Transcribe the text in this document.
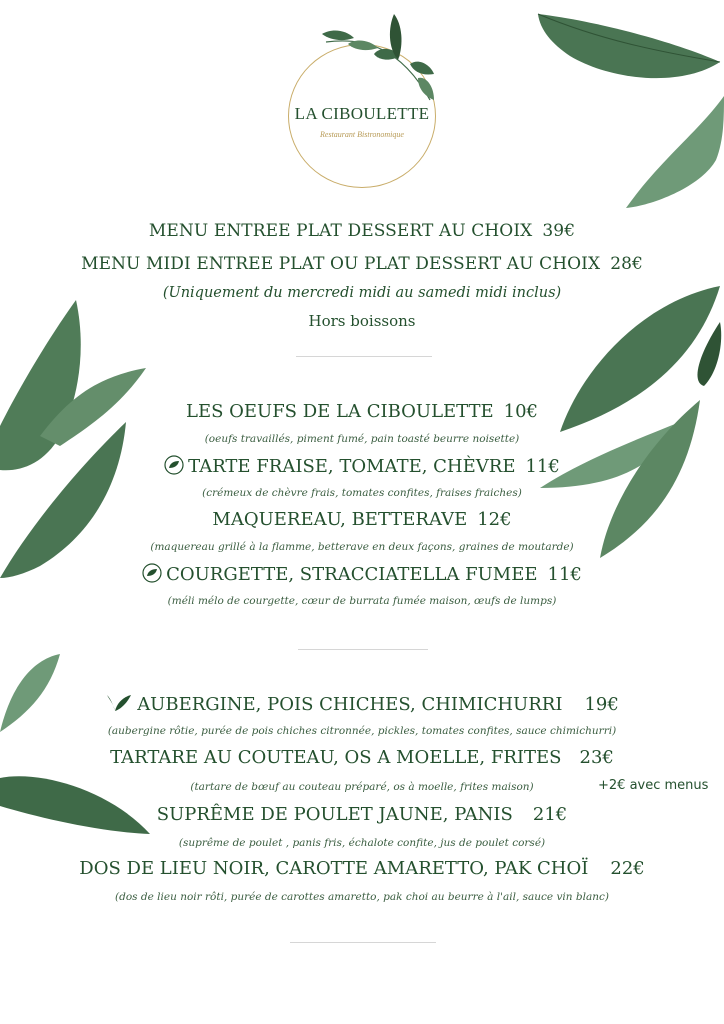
LA CIBOULETTE
Restaurant Bistronomique
MENU ENTREE PLAT DESSERT AU CHOIX 39€
MENU MIDI ENTREE PLAT OU PLAT DESSERT AU CHOIX 28€
(Uniquement du mercredi midi au samedi midi inclus)
Hors boissons
LES OEUFS DE LA CIBOULETTE 10€
(oeufs travaillés, piment fumé, pain toasté beurre noisette)
TARTE FRAISE, TOMATE, CHÈVRE 11€
(crémeux de chèvre frais, tomates confites, fraises fraiches)
MAQUEREAU, BETTERAVE 12€
(maquereau grillé à la flamme, betterave en deux façons, graines de moutarde)
COURGETTE, STRACCIATELLA FUMEE 11€
(méli mélo de courgette, cœur de burrata fumée maison, œufs de lumps)
AUBERGINE, POIS CHICHES, CHIMICHURRI 19€
(aubergine rôtie, purée de pois chiches citronnée, pickles, tomates confites, sauce chimichurri)
TARTARE AU COUTEAU, OS A MOELLE, FRITES 23€
(tartare de bœuf au couteau préparé, os à moelle, frites maison)	+2€ avec menus
SUPRÊME DE POULET JAUNE, PANIS 21€
(suprême de poulet , panis fris, échalote confite, jus de poulet corsé)
DOS DE LIEU NOIR, CAROTTE AMARETTO, PAK CHOÏ 22€
(dos de lieu noir rôti, purée de carottes amaretto, pak choi au beurre à l'ail, sauce vin blanc)
